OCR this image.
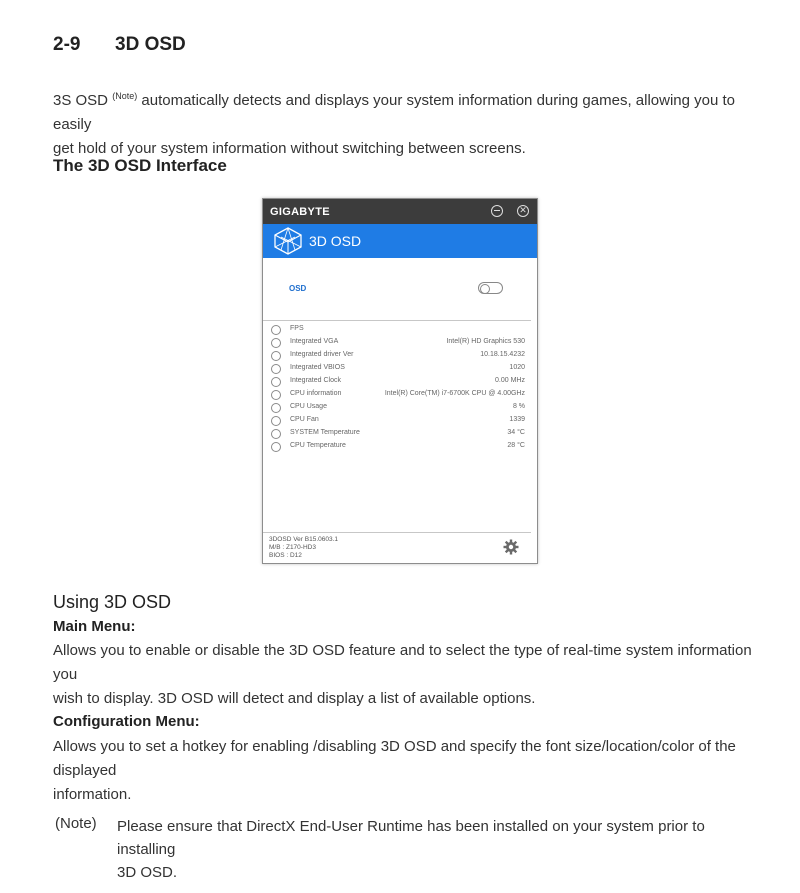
2-9 3D OSD
3S OSD $^{(Note)}$ automatically detects and displays your system information during games, allowing you to easily
get hold of your system information without switching between screens.
The 3D OSD Interface
GIGABYTE	✕
3D OSD
OSD
FPS
Integrated VGA	Intel(R) HD Graphics 530
Integrated driver Ver	10.18.15.4232
Integrated VBIOS	1020
Integrated Clock	0.00 MHz
CPU information	Intel(R) Core(TM) i7-6700K CPU @ 4.00GHz
CPU Usage	8 %
CPU Fan	1339
SYSTEM Temperature	34 °C
CPU Temperature	28 °C
3DOSD Ver B15.0603.1
M/B : Z170-HD3
BIOS : D12
Using 3D OSD
Main Menu:
Allows you to enable or disable the 3D OSD feature and to select the type of real-time system information you
wish to display. 3D OSD will detect and display a list of available options.
Configuration Menu:
Allows you to set a hotkey for enabling /disabling 3D OSD and specify the font size/location/color of the displayed
information.
(Note) Please ensure that DirectX End-User Runtime has been installed on your system prior to installing
3D OSD.
